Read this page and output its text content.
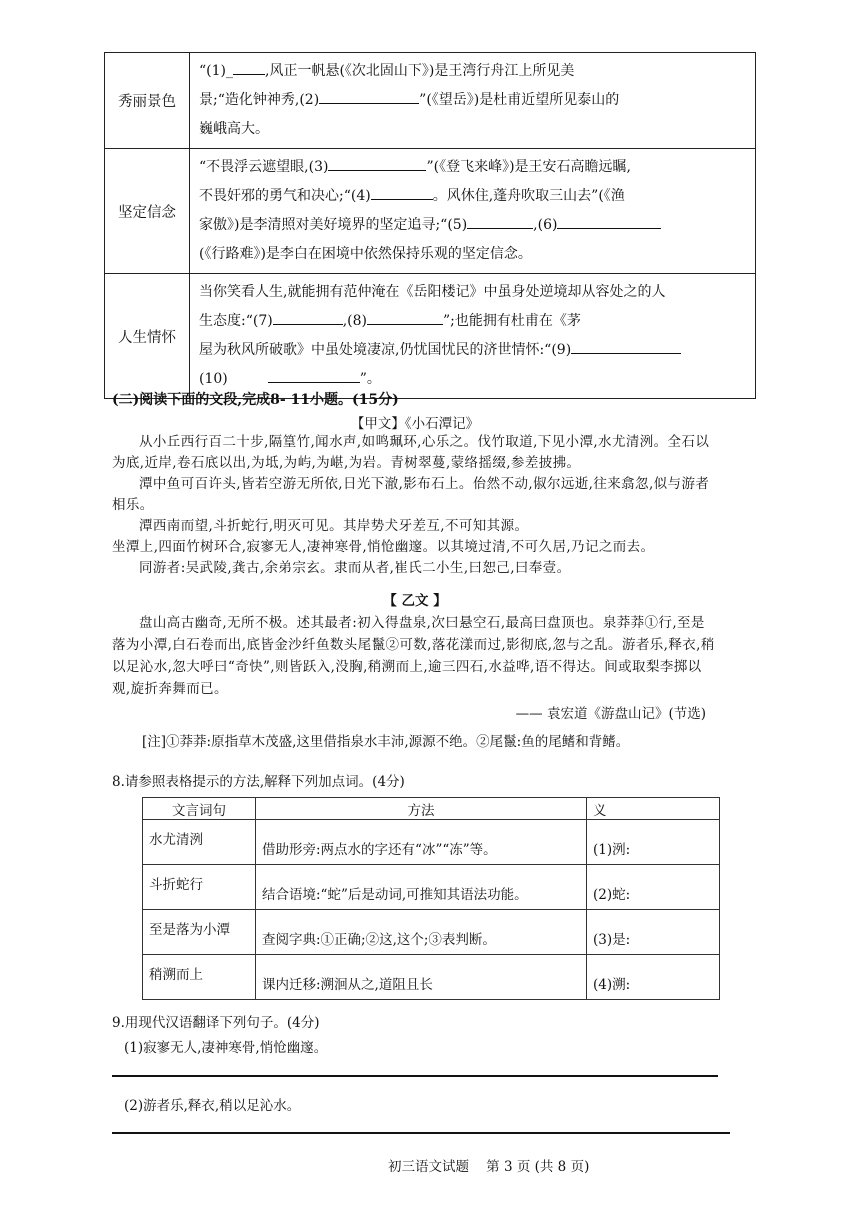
秀丽景色	“(1)_ ,风正一帆悬(《次北固山下》)是王湾行舟江上所见美
景;“造化钟神秀,(2) ”(《望岳》)是杜甫近望所见泰山的
巍峨高大。
坚定信念	“不畏浮云遮望眼,(3) ”(《登飞来峰》)是王安石高瞻远瞩,
不畏奸邪的勇气和决心;“(4) 。风休住,蓬舟吹取三山去”(《渔
家傲》)是李清照对美好境界的坚定追寻;“(5) ,(6)
(《行路难》)是李白在困境中依然保持乐观的坚定信念。
人生情怀	当你笑看人生,就能拥有范仲淹在《岳阳楼记》中虽身处逆境却从容处之的人
生态度:“(7) ,(8) ”;也能拥有杜甫在《茅
屋为秋风所破歌》中虽处境凄凉,仍忧国忧民的济世情怀:“(9)
(10) ”。
(二)阅读下面的文段,完成8- 11小题。(15分)
【甲文】《小石潭记》
从小丘西行百二十步,隔篁竹,闻水声,如鸣珮环,心乐之。伐竹取道,下见小潭,水尤清洌。全石以为底,近岸,卷石底以出,为坻,为屿,为嵁,为岩。青树翠蔓,蒙络摇缀,参差披拂。
潭中鱼可百许头,皆若空游无所依,日光下澈,影布石上。佁然不动,俶尔远逝,往来翕忽,似与游者相乐。
潭西南而望,斗折蛇行,明灭可见。其岸势犬牙差互,不可知其源。
坐潭上,四面竹树环合,寂寥无人,凄神寒骨,悄怆幽邃。以其境过清,不可久居,乃记之而去。
同游者:吴武陵,龚古,余弟宗玄。隶而从者,崔氏二小生,曰恕己,曰奉壹。
【 乙文 】
盘山高古幽奇,无所不极。述其最者:初入得盘泉,次曰悬空石,最高曰盘顶也。泉莽莽①行,至是落为小潭,白石卷而出,底皆金沙纤鱼数头尾鬣②可数,落花漾而过,影彻底,忽与之乱。游者乐,释衣,稍以足沁水,忽大呼曰“奇快”,则皆跃入,没胸,稍溯而上,逾三四石,水益哗,语不得达。间或取梨李掷以观,旋折奔舞而已。
—— 袁宏道《游盘山记》(节选)
[注]①莽莽:原指草木茂盛,这里借指泉水丰沛,源源不绝。②尾鬣:鱼的尾鳍和背鳍。
8.请参照表格提示的方法,解释下列加点词。(4分)
文言词句	方法	义
水尤清洌	借助形旁:两点水的字还有“冰”“冻”等。	(1)洌:
斗折蛇行	结合语境:“蛇”后是动词,可推知其语法功能。	(2)蛇:
至是落为小潭	查阅字典:①正确;②这,这个;③表判断。	(3)是:
稍溯而上	课内迁移:溯洄从之,道阻且长	(4)溯:
9.用现代汉语翻译下列句子。(4分)
(1)寂寥无人,凄神寒骨,悄怆幽邃。
(2)游者乐,释衣,稍以足沁水。
初三语文试题    第 3 页 (共 8 页)
